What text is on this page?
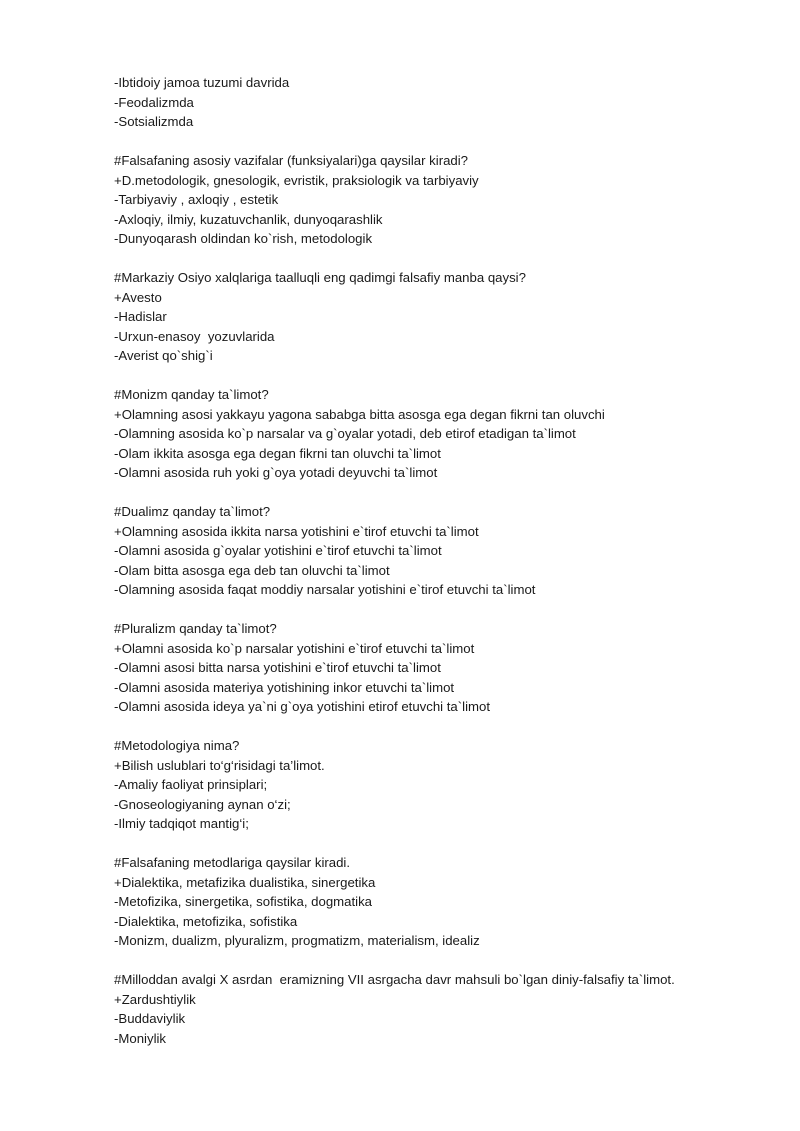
-Ibtidoiy jamoa tuzumi davrida
-Feodalizmda
-Sotsializmda
#Falsafaning asosiy vazifalar (funksiyalari)ga qaysilar kiradi?
+D.metodologik, gnesologik, evristik, praksiologik va tarbiyaviy
-Tarbiyaviy , axloqiy , estetik
-Axloqiy, ilmiy, kuzatuvchanlik, dunyoqarashlik
-Dunyoqarash oldindan ko`rish, metodologik
#Markaziy Osiyo xalqlariga taalluqli eng qadimgi falsafiy manba qaysi?
+Avesto
-Hadislar
-Urxun-enasoy  yozuvlarida
-Averist qo`shig`i
#Monizm qanday ta`limot?
+Olamning asosi yakkayu yagona sababga bitta asosga ega degan fikrni tan oluvchi
-Olamning asosida ko`p narsalar va g`oyalar yotadi, deb etirof etadigan ta`limot
-Olam ikkita asosga ega degan fikrni tan oluvchi ta`limot
-Olamni asosida ruh yoki g`oya yotadi deyuvchi ta`limot
#Dualimz qanday ta`limot?
+Olamning asosida ikkita narsa yotishini e`tirof etuvchi ta`limot
-Olamni asosida g`oyalar yotishini e`tirof etuvchi ta`limot
-Olam bitta asosga ega deb tan oluvchi ta`limot
-Olamning asosida faqat moddiy narsalar yotishini e`tirof etuvchi ta`limot
#Pluralizm qanday ta`limot?
+Olamni asosida ko`p narsalar yotishini e`tirof etuvchi ta`limot
-Olamni asosi bitta narsa yotishini e`tirof etuvchi ta`limot
-Olamni asosida materiya yotishining inkor etuvchi ta`limot
-Olamni asosida ideya ya`ni g`oya yotishini etirof etuvchi ta`limot
#Metodologiya nima?
+Bilish uslublari to‘g‘risidagi ta’limot.
-Amaliy faoliyat prinsiplari;
-Gnoseologiyaning aynan o‘zi;
-Ilmiy tadqiqot mantig‘i;
#Falsafaning metodlariga qaysilar kiradi.
+Dialektika, metafizika dualistika, sinergetika
-Metofizika, sinergetika, sofistika, dogmatika
-Dialektika, metofizika, sofistika
-Monizm, dualizm, plyuralizm, progmatizm, materialism, idealiz
#Milloddan avalgi X asrdan  eramizning VII asrgacha davr mahsuli bo`lgan diniy-falsafiy ta`limot.
+Zardushtiylik
-Buddaviylik
-Moniylik
